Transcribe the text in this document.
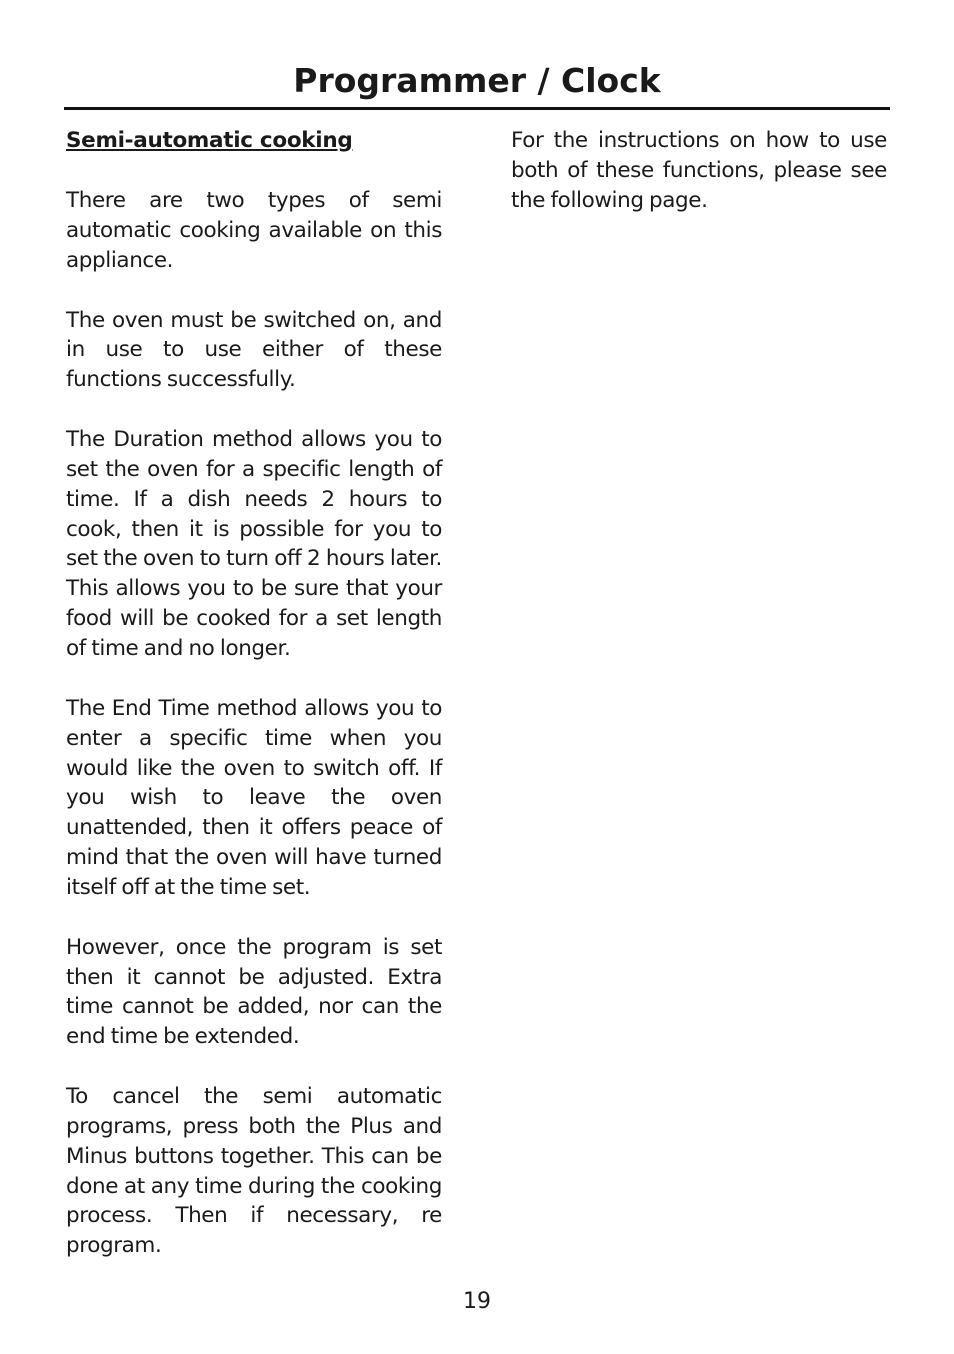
Programmer / Clock

Semi-automatic cooking

There are two types of semi automatic cooking available on this appliance.

The oven must be switched on, and in use to use either of these functions successfully.

The Duration method allows you to set the oven for a specific length of time. If a dish needs 2 hours to cook, then it is possible for you to set the oven to turn off 2 hours later. This allows you to be sure that your food will be cooked for a set length of time and no longer.

The End Time method allows you to enter a specific time when you would like the oven to switch off. If you wish to leave the oven unattended, then it offers peace of mind that the oven will have turned itself off at the time set.

However, once the program is set then it cannot be adjusted. Extra time cannot be added, nor can the end time be extended.

To cancel the semi automatic programs, press both the Plus and Minus buttons together. This can be done at any time during the cooking process. Then if necessary, re program.

For the instructions on how to use both of these functions, please see the following page.

19
